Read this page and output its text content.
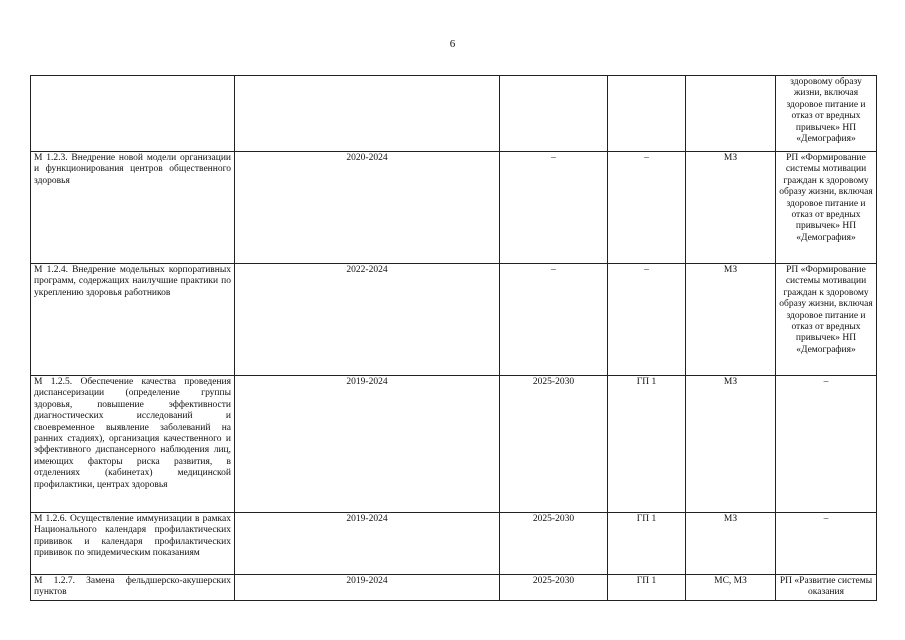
6
					здоровому образу жизни, включая здоровое питание и отказ от вредных привычек» НП «Демография»
М 1.2.3. Внедрение новой модели организации и функционирования центров общественного здоровья	2020-2024	–	–	МЗ	РП «Формирование системы мотивации граждан к здоровому образу жизни, включая здоровое питание и отказ от вредных привычек» НП «Демография»
М 1.2.4. Внедрение модельных корпоративных программ, содержащих наилучшие практики по укреплению здоровья работников	2022-2024	–	–	МЗ	РП «Формирование системы мотивации граждан к здоровому образу жизни, включая здоровое питание и отказ от вредных привычек» НП «Демография»
М 1.2.5. Обеспечение качества проведения диспансеризации (определение группы здоровья, повышение эффективности диагностических исследований и своевременное выявление заболеваний на ранних стадиях), организация качественного и эффективного диспансерного наблюдения лиц, имеющих факторы риска развития, в отделениях (кабинетах) медицинской профилактики, центрах здоровья	2019-2024	2025-2030	ГП 1	МЗ	–
М 1.2.6. Осуществление иммунизации в рамках Национального календаря профилактических прививок и календаря профилактических прививок по эпидемическим показаниям	2019-2024	2025-2030	ГП 1	МЗ	–
М 1.2.7. Замена фельдшерско-акушерских пунктов	2019-2024	2025-2030	ГП 1	МС, МЗ	РП «Развитие системы оказания
